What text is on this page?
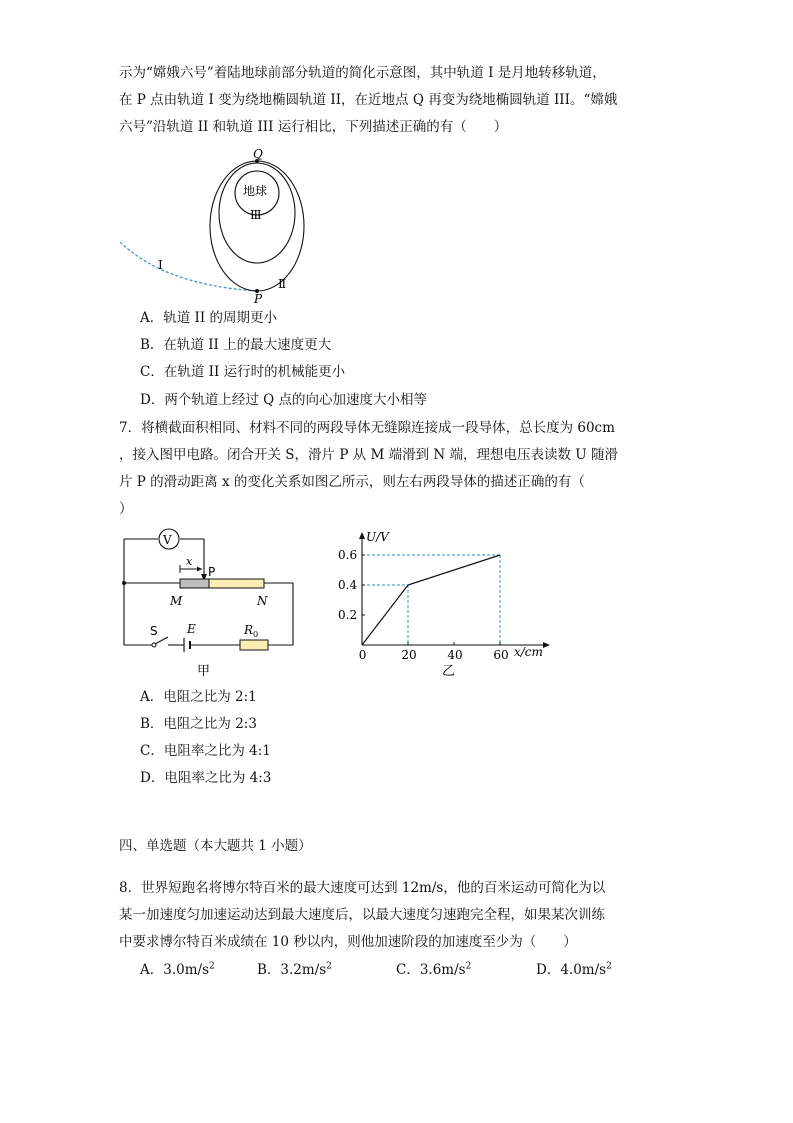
示为“嫦娥六号”着陆地球前部分轨道的简化示意图，其中轨道 I 是月地转移轨道，
在 P 点由轨道 I 变为绕地椭圆轨道 II，在近地点 Q 再变为绕地椭圆轨道 III。“嫦娥
六号”沿轨道 II 和轨道 III 运行相比，下列描述正确的有（　　）
地球
Ⅲ
Ⅱ
I
Q
P
A．轨道 II 的周期更小
B．在轨道 II 上的最大速度更大
C．在轨道 II 运行时的机械能更小
D．两个轨道上经过 Q 点的向心加速度大小相等
7．将横截面积相同、材料不同的两段导体无缝隙连接成一段导体，总长度为 60cm
，接入图甲电路。闭合开关 S，滑片 P 从 M 端滑到 N 端，理想电压表读数 U 随滑
片 P 的滑动距离 x 的变化关系如图乙所示，则左右两段导体的描述正确的有（
）
V
x
P
M	N
S E	$R_0$
甲
U/V
x/cm
乙
0	20	40	60
0.2
0.4
0.6
A．电阻之比为 2:1
B．电阻之比为 2:3
C．电阻率之比为 4:1
D．电阻率之比为 4:3
四、单选题（本大题共 1 小题）
8．世界短跑名将博尔特百米的最大速度可达到 12m/s，他的百米运动可简化为以
某一加速度匀加速运动达到最大速度后，以最大速度匀速跑完全程，如果某次训练
中要求博尔特百米成绩在 10 秒以内，则他加速阶段的加速度至少为（　　）
A．$3.0m/s^2$	B．$3.2m/s^2$	C．$3.6m/s^2$	D．$4.0m/s^2$
